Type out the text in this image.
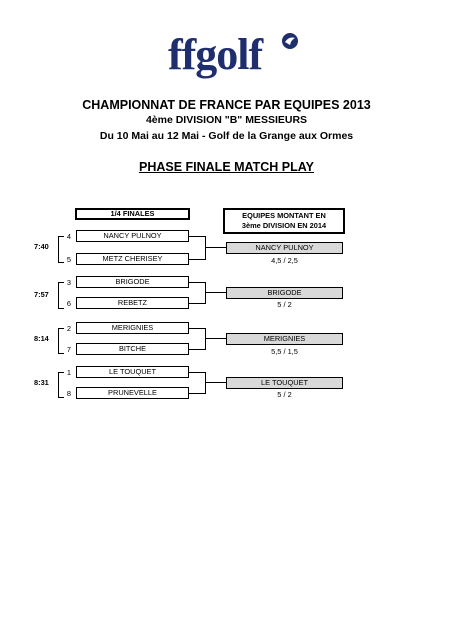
ffgolf
CHAMPIONNAT DE FRANCE PAR EQUIPES 2013
4ème DIVISION "B" MESSIEURS
Du 10 Mai au 12 Mai - Golf de la Grange aux Ormes
PHASE FINALE MATCH PLAY
1/4 FINALES	EQUIPES MONTANT EN
3ème DIVISION EN 2014
7:40
4	NANCY PULNOY
5	METZ CHERISEY
NANCY PULNOY
4,5 / 2,5
7:57
3	BRIGODE
6	REBETZ
BRIGODE
5 / 2
8:14
2	MERIGNIES
7	BITCHE
MERIGNIES
5,5 / 1,5
8:31
1	LE TOUQUET
8	PRUNEVELLE
LE TOUQUET
5 / 2
